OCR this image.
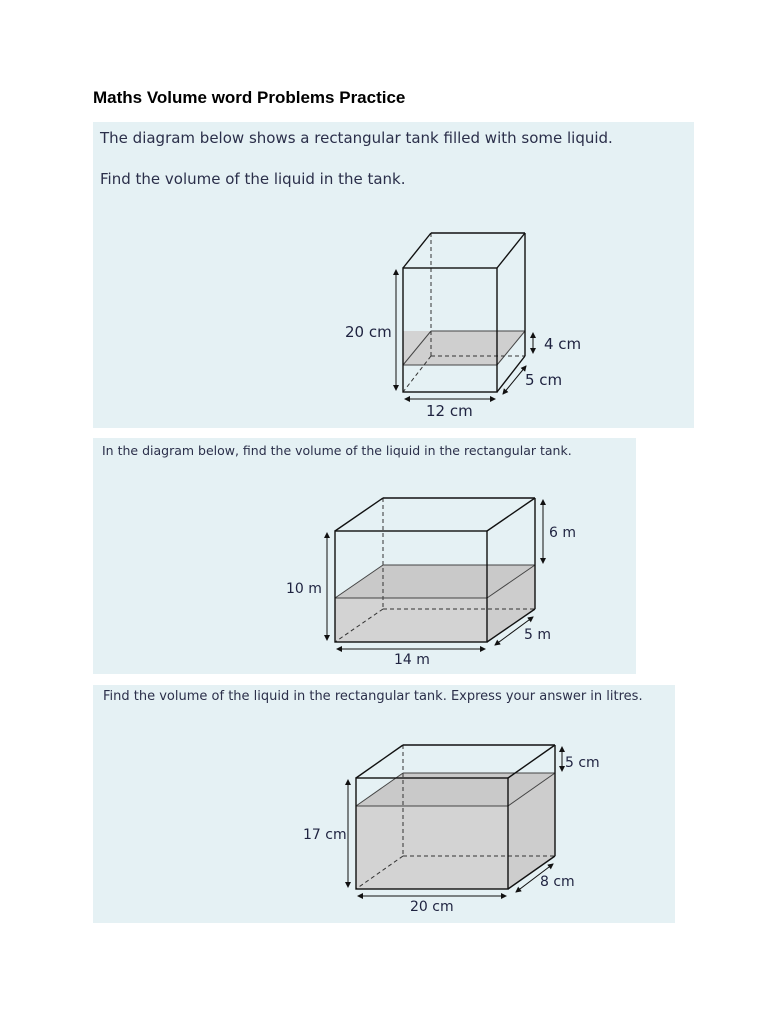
Maths Volume word Problems Practice

The diagram below shows a rectangular tank filled with some liquid.

Find the volume of the liquid in the tank.

20 cm
4 cm
5 cm
12 cm

In the diagram below, find the volume of the liquid in the rectangular tank.

6 m
10 m
5 m
14 m

Find the volume of the liquid in the rectangular tank. Express your answer in litres.

5 cm
17 cm
8 cm
20 cm
